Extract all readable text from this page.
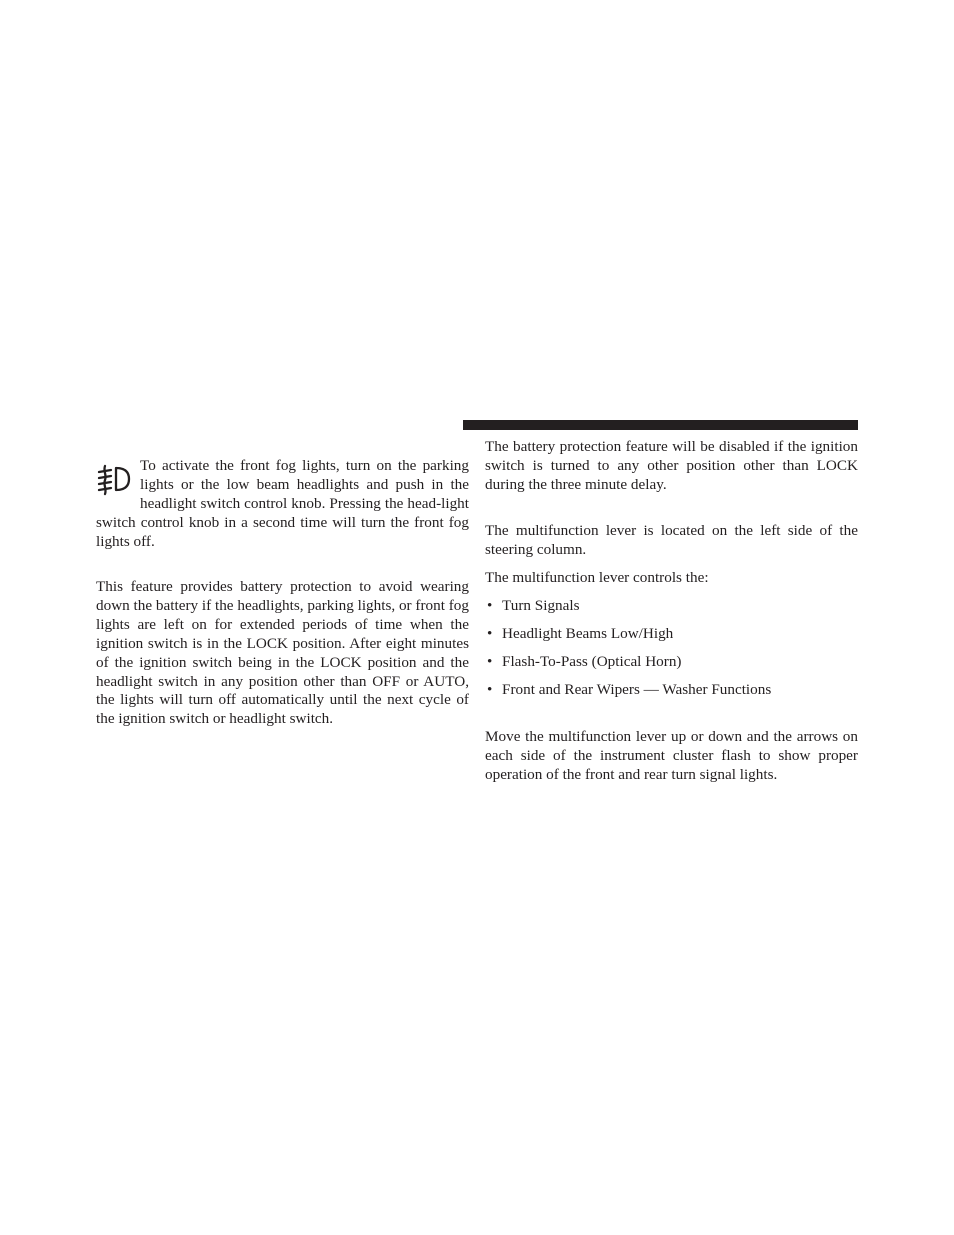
To activate the front fog lights, turn on the parking lights or the low beam headlights and push in the headlight switch control knob. Pressing the head-light switch control knob in a second time will turn the front fog lights off.

This feature provides battery protection to avoid wearing down the battery if the headlights, parking lights, or front fog lights are left on for extended periods of time when the ignition switch is in the LOCK position. After eight minutes of the ignition switch being in the LOCK position and the headlight switch in any position other than OFF or AUTO, the lights will turn off automatically until the next cycle of the ignition switch or headlight switch.

The battery protection feature will be disabled if the ignition switch is turned to any other position other than LOCK during the three minute delay.

The multifunction lever is located on the left side of the steering column.

The multifunction lever controls the:

• Turn Signals
• Headlight Beams Low/High
• Flash-To-Pass (Optical Horn)
• Front and Rear Wipers — Washer Functions

Move the multifunction lever up or down and the arrows on each side of the instrument cluster flash to show proper operation of the front and rear turn signal lights.
